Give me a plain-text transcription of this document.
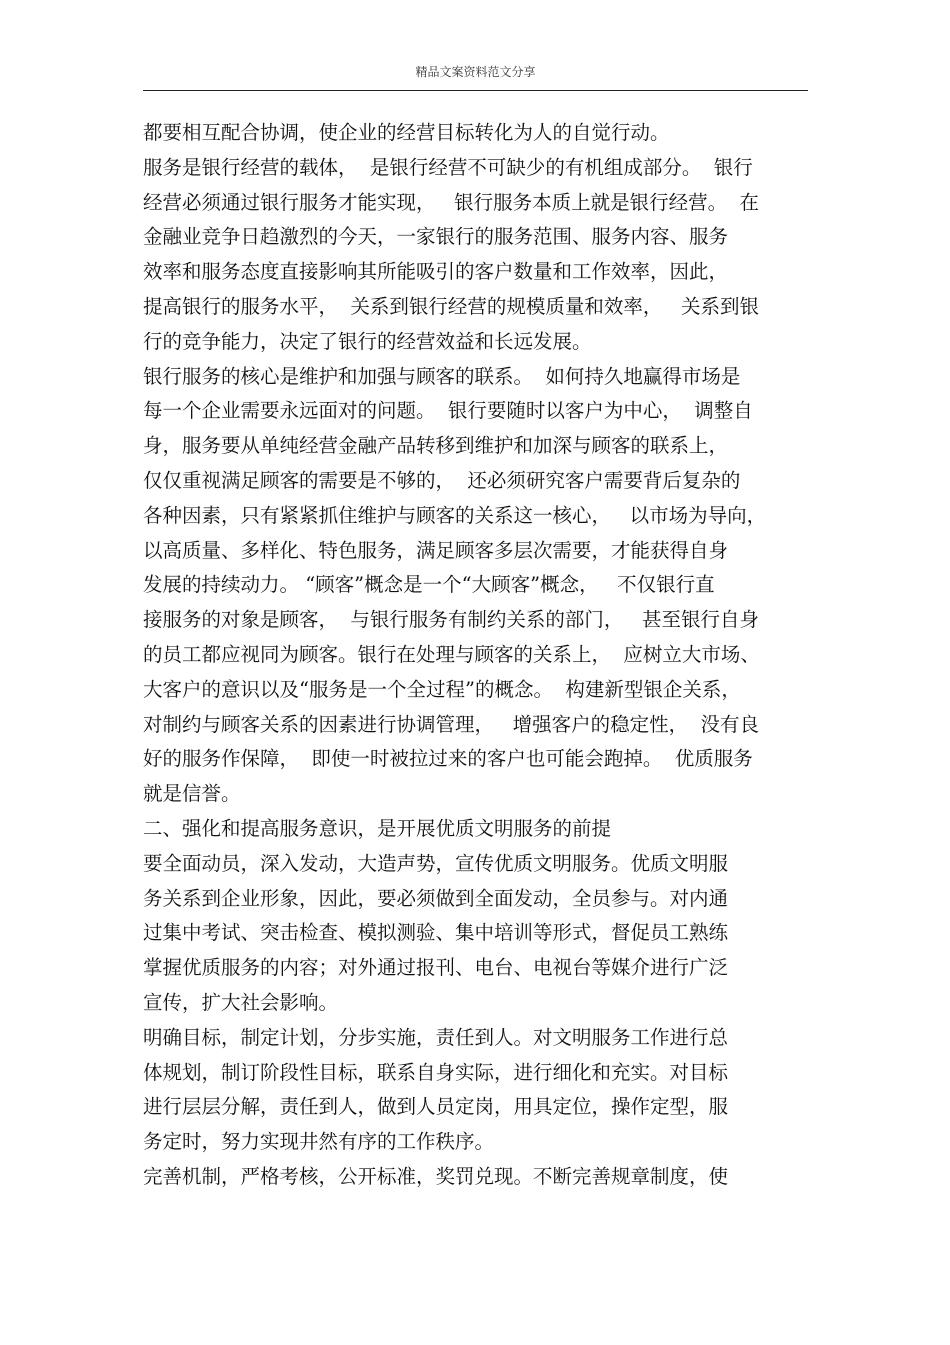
精品文案资料范文分享
都要相互配合协调，使企业的经营目标转化为人的自觉行动。
服务是银行经营的载体，  是银行经营不可缺少的有机组成部分。  银行
经营必须通过银行服务才能实现，   银行服务本质上就是银行经营。  在
金融业竞争日趋激烈的今天，一家银行的服务范围、服务内容、服务
效率和服务态度直接影响其所能吸引的客户数量和工作效率，因此，
提高银行的服务水平，  关系到银行经营的规模质量和效率，   关系到银
行的竞争能力，决定了银行的经营效益和长远发展。
银行服务的核心是维护和加强与顾客的联系。  如何持久地赢得市场是
每一个企业需要永远面对的问题。  银行要随时以客户为中心，  调整自
身，服务要从单纯经营金融产品转移到维护和加深与顾客的联系上，
仅仅重视满足顾客的需要是不够的，  还必须研究客户需要背后复杂的
各种因素，只有紧紧抓住维护与顾客的关系这一核心，   以市场为导向，
以高质量、多样化、特色服务，满足顾客多层次需要，才能获得自身
发展的持续动力。 “顾客”概念是一个“大顾客”概念，   不仅银行直
接服务的对象是顾客，  与银行服务有制约关系的部门，   甚至银行自身
的员工都应视同为顾客。银行在处理与顾客的关系上，  应树立大市场、
大客户的意识以及“服务是一个全过程”的概念。  构建新型银企关系，
对制约与顾客关系的因素进行协调管理，   增强客户的稳定性，  没有良
好的服务作保障，  即使一时被拉过来的客户也可能会跑掉。  优质服务
就是信誉。
二、强化和提高服务意识，是开展优质文明服务的前提
要全面动员，深入发动，大造声势，宣传优质文明服务。优质文明服
务关系到企业形象，因此，要必须做到全面发动，全员参与。对内通
过集中考试、突击检查、模拟测验、集中培训等形式，督促员工熟练
掌握优质服务的内容；对外通过报刊、电台、电视台等媒介进行广泛
宣传，扩大社会影响。
明确目标，制定计划，分步实施，责任到人。对文明服务工作进行总
体规划，制订阶段性目标，联系自身实际，进行细化和充实。对目标
进行层层分解，责任到人，做到人员定岗，用具定位，操作定型，服
务定时，努力实现井然有序的工作秩序。
完善机制，严格考核，公开标准，奖罚兑现。不断完善规章制度，使
